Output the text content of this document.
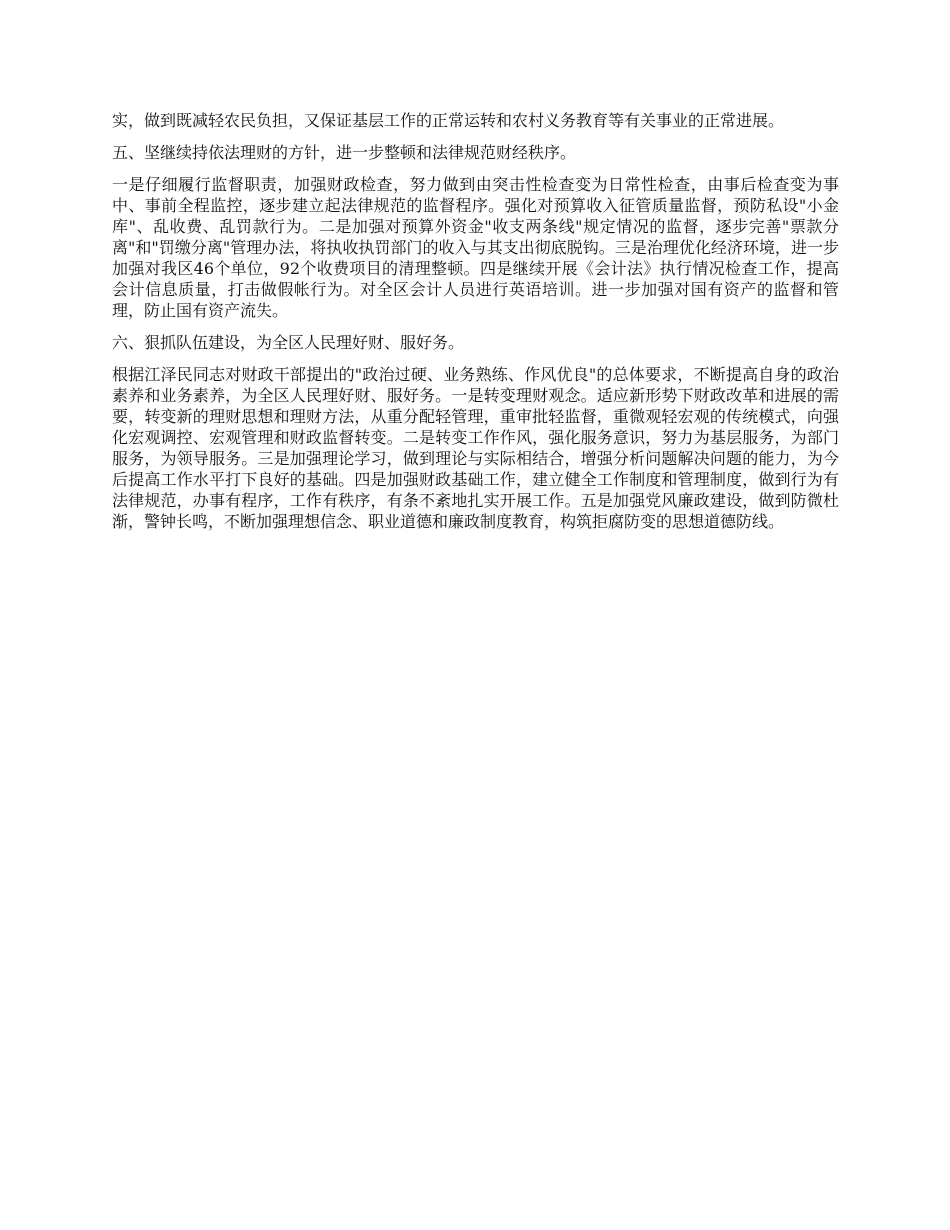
实，做到既减轻农民负担，又保证基层工作的正常运转和农村义务教育等有关事业的正常进展。

五、坚继续持依法理财的方针，进一步整顿和法律规范财经秩序。

一是仔细履行监督职责，加强财政检查，努力做到由突击性检查变为日常性检查，由事后检查变为事中、事前全程监控，逐步建立起法律规范的监督程序。强化对预算收入征管质量监督，预防私设"小金库"、乱收费、乱罚款行为。二是加强对预算外资金"收支两条线"规定情况的监督，逐步完善"票款分离"和"罚缴分离"管理办法，将执收执罚部门的收入与其支出彻底脱钩。三是治理优化经济环境，进一步加强对我区46个单位，92个收费项目的清理整顿。四是继续开展《会计法》执行情况检查工作，提高会计信息质量，打击做假帐行为。对全区会计人员进行英语培训。进一步加强对国有资产的监督和管理，防止国有资产流失。

六、狠抓队伍建设，为全区人民理好财、服好务。

根据江泽民同志对财政干部提出的"政治过硬、业务熟练、作风优良"的总体要求，不断提高自身的政治素养和业务素养，为全区人民理好财、服好务。一是转变理财观念。适应新形势下财政改革和进展的需要，转变新的理财思想和理财方法，从重分配轻管理，重审批轻监督，重微观轻宏观的传统模式，向强化宏观调控、宏观管理和财政监督转变。二是转变工作作风，强化服务意识，努力为基层服务，为部门服务，为领导服务。三是加强理论学习，做到理论与实际相结合，增强分析问题解决问题的能力，为今后提高工作水平打下良好的基础。四是加强财政基础工作，建立健全工作制度和管理制度，做到行为有法律规范，办事有程序，工作有秩序，有条不紊地扎实开展工作。五是加强党风廉政建设，做到防微杜渐，警钟长鸣，不断加强理想信念、职业道德和廉政制度教育，构筑拒腐防变的思想道德防线。
